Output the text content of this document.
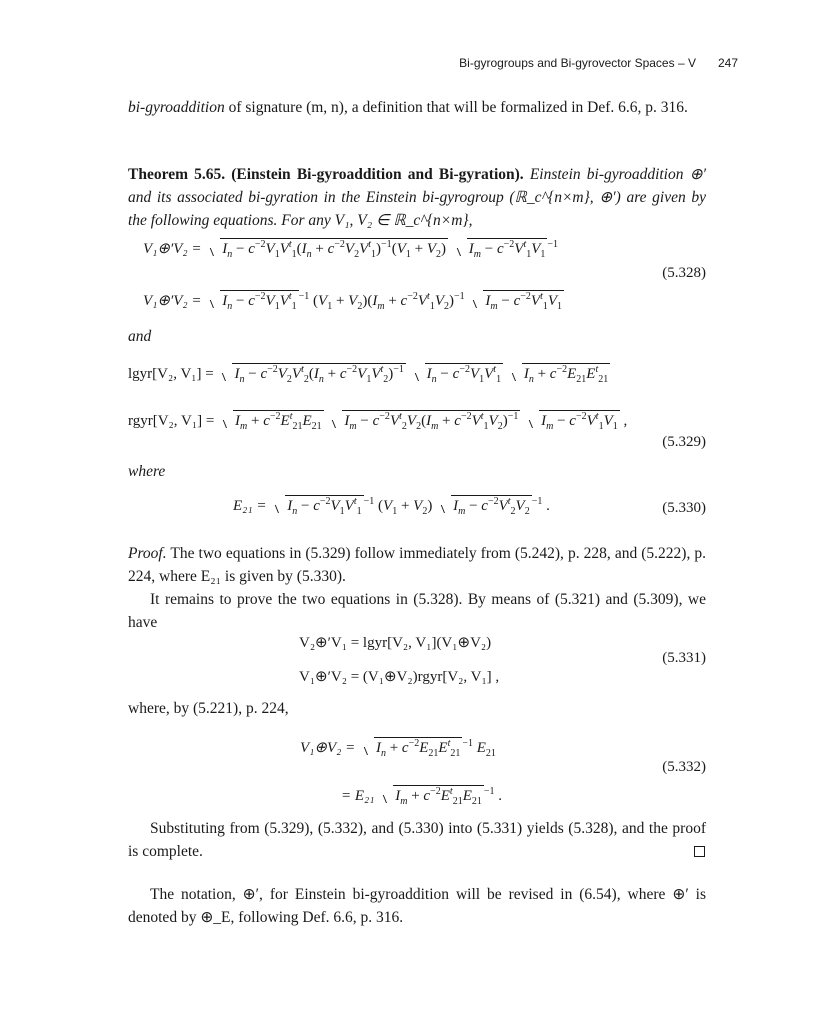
Bi-gyrogroups and Bi-gyrovector Spaces – V 247

bi-gyroaddition of signature (m, n), a definition that will be formalized in Def. 6.6, p. 316.

Theorem 5.65. (Einstein Bi-gyroaddition and Bi-gyration). Einstein bi-gyroaddition ⊕′ and its associated bi-gyration in the Einstein bi-gyrogroup (ℝ_c^{n×m}, ⊕′) are given by the following equations. For any V₁, V₂ ∈ ℝ_c^{n×m},

V₁⊕′V₂ = $I_n - c^{-2}V_1V^t_1(I_n + c^{-2}V_2V^t_1)^{-1}(V_1 + V_2) I_m - c^{-2}V^t_1V_1^{-1}$
V₁⊕′V₂ = $I_n - c^{-2}V_1V^t_1^{-1}$ $(V_1 + V_2)(I_m + c^{-2}V^t_1V_2)^{-1}$ $I_m - c^{-2}V^t_1V_1$
(5.328)
and
lgyr[V₂, $V_1] = I_n - c^{-2}V_2V^t_2(I_n + c^{-2}V_1V^t_2)^{-1}$ $I_n - c^{-2}V_1V^t_1$ $I_n + c^{-2}E_{21}E^t_{21}$
rgyr[V₂, $V_1] = I_m + c^{-2}E^t_{21}E_{21}$ $I_m - c^{-2}V^t_2V_2(I_m + c^{-2}V^t_1V_2)^{-1}$ $I_m - c^{-2}V^t_1V_1$ ,
(5.329)
where
$E_{21} = I_n - c^{-2}V_1V^t_1^{-1}$ $(V_1 + V_2) I_m - c^{-2}V^t_2V_2^{-1}$ .	(5.330)

Proof. The two equations in (5.329) follow immediately from (5.242), p. 228, and (5.222), p. 224, where E₂₁ is given by (5.330).

It remains to prove the two equations in (5.328). By means of (5.321) and (5.309), we have

V₂⊕′V₁ = lgyr[V₂, V₁](V₁⊕V₂)
V₁⊕′V₂ = (V₁⊕V₂)rgyr[V₂, V₁] ,
(5.331)

where, by (5.221), p. 224,

V₁⊕V₂ = $I_n + c^{-2}E_{21}E^t_{21}^{-1}$ $E_{21}$
= E₂₁ $I_m + c^{-2}E^t_{21}E_{21}^{-1}$ .
(5.332)

Substituting from (5.329), (5.332), and (5.330) into (5.331) yields (5.328), and the proof is complete.

The notation, ⊕′, for Einstein bi-gyroaddition will be revised in (6.54), where ⊕′ is denoted by ⊕_E, following Def. 6.6, p. 316.
